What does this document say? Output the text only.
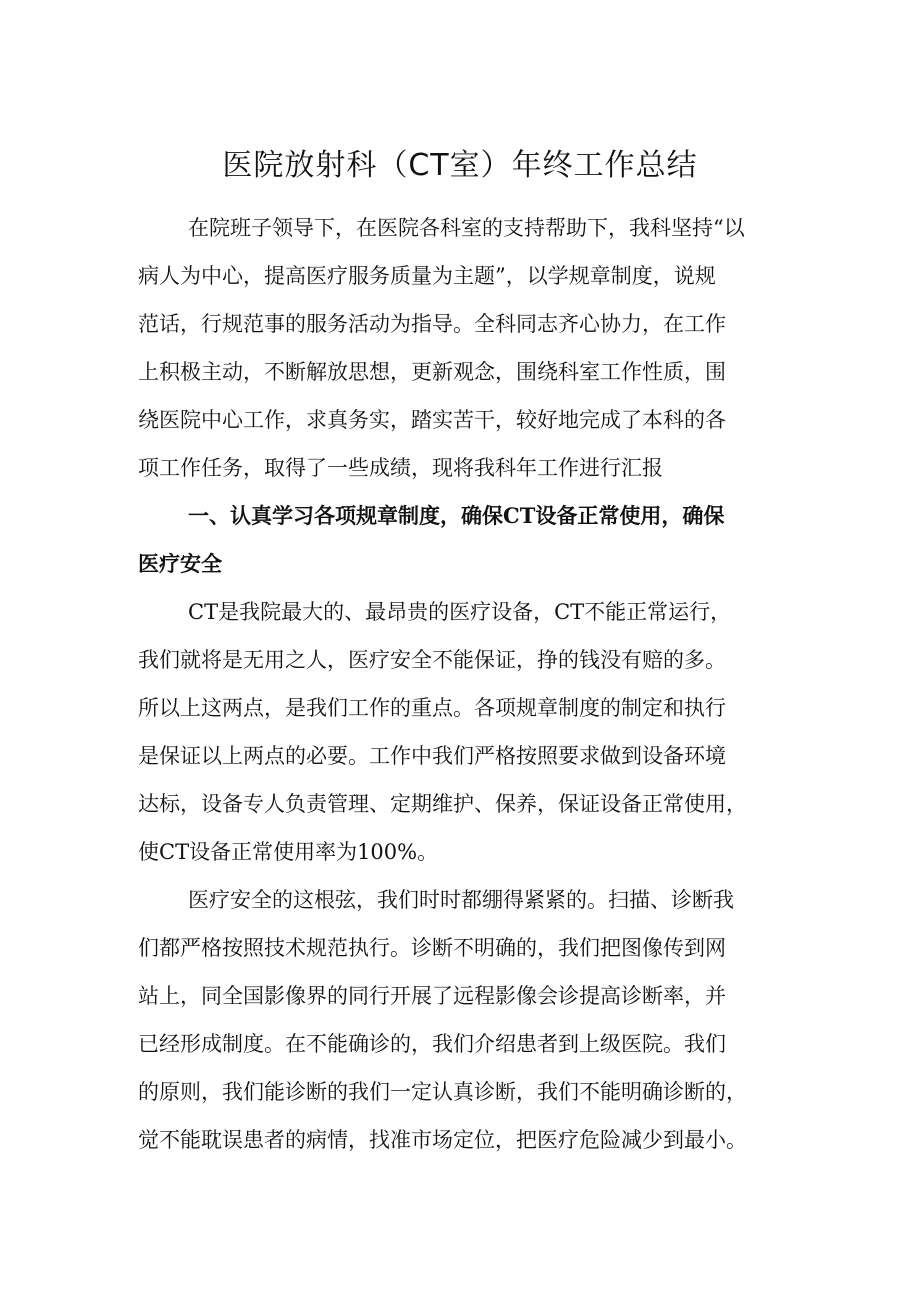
医院放射科（CT室）年终工作总结
在院班子领导下，在医院各科室的支持帮助下，我科坚持“以
病人为中心，提高医疗服务质量为主题”，以学规章制度，说规
范话，行规范事的服务活动为指导。全科同志齐心协力，在工作
上积极主动，不断解放思想，更新观念，围绕科室工作性质，围
绕医院中心工作，求真务实，踏实苦干，较好地完成了本科的各
项工作任务，取得了一些成绩，现将我科年工作进行汇报
一、认真学习各项规章制度，确保CT设备正常使用，确保
医疗安全
CT是我院最大的、最昂贵的医疗设备，CT不能正常运行，
我们就将是无用之人，医疗安全不能保证，挣的钱没有赔的多。
所以上这两点，是我们工作的重点。各项规章制度的制定和执行
是保证以上两点的必要。工作中我们严格按照要求做到设备环境
达标，设备专人负责管理、定期维护、保养，保证设备正常使用，
使CT设备正常使用率为100%。
医疗安全的这根弦，我们时时都绷得紧紧的。扫描、诊断我
们都严格按照技术规范执行。诊断不明确的，我们把图像传到网
站上，同全国影像界的同行开展了远程影像会诊提高诊断率，并
已经形成制度。在不能确诊的，我们介绍患者到上级医院。我们
的原则，我们能诊断的我们一定认真诊断，我们不能明确诊断的，
觉不能耽误患者的病情，找准市场定位，把医疗危险减少到最小。
